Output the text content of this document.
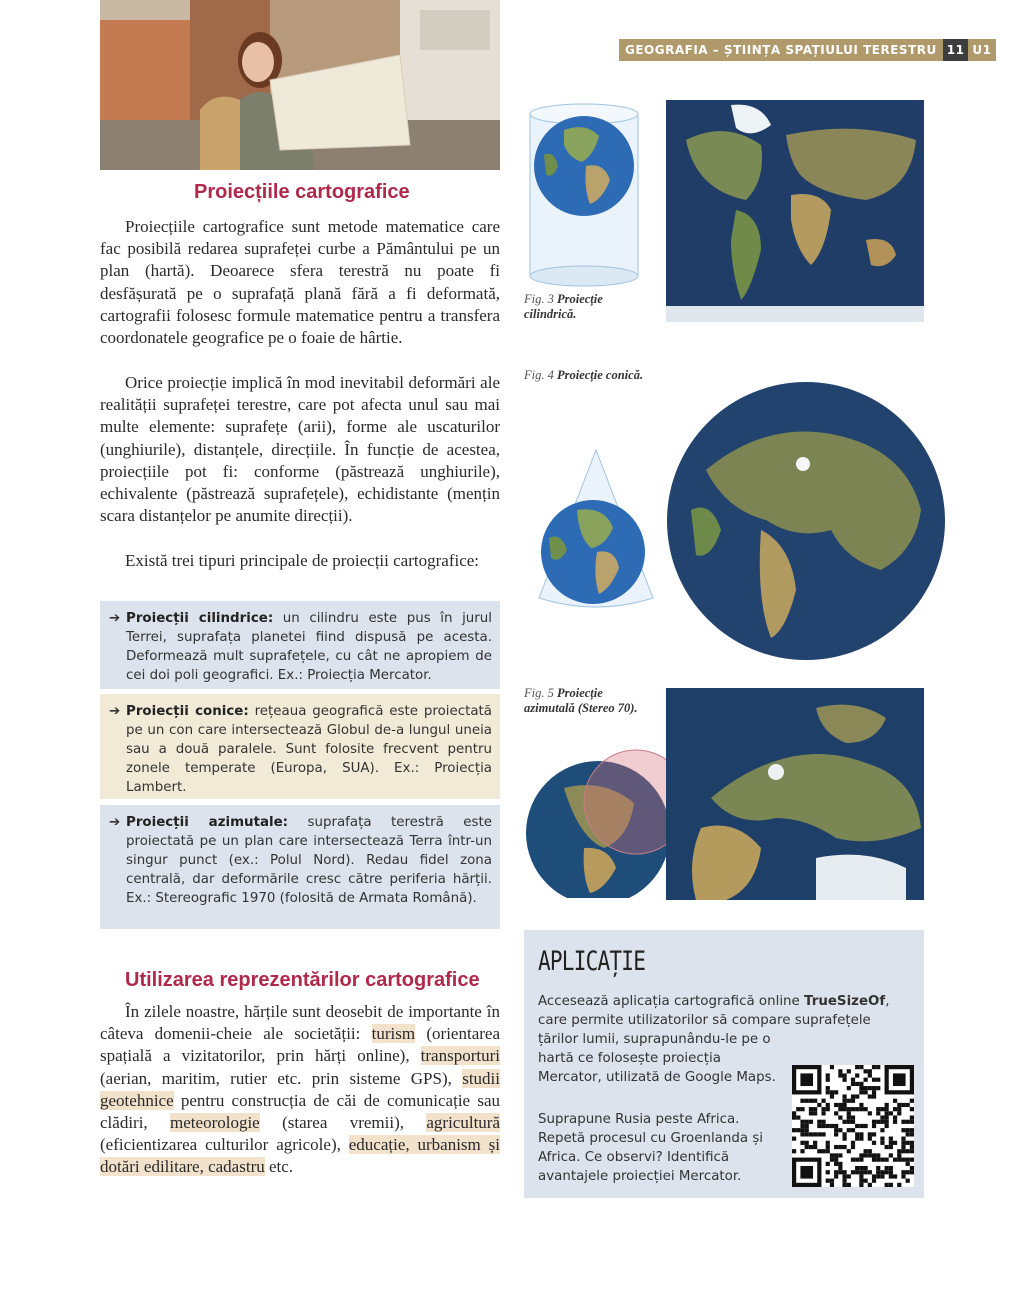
GEOGRAFIA – ȘTIINȚA SPAȚIULUI TERESTRU 11 U1
Proiecțiile cartografice

Proiecțiile cartografice sunt metode matematice care fac posibilă redarea suprafeței curbe a Pământului pe un plan (hartă). Deoarece sfera terestră nu poate fi desfășurată pe o suprafață plană fără a fi deformată, cartografii folosesc formule matematice pentru a transfera coordonatele geografice pe o foaie de hârtie.

Orice proiecție implică în mod inevitabil deformări ale realității suprafeței terestre, care pot afecta unul sau mai multe elemente: suprafețe (arii), forme ale uscaturilor (unghiurile), distanțele, direcțiile. În funcție de acestea, proiecțiile pot fi: conforme (păstrează unghiurile), echivalente (păstrează suprafețele), echidistante (mențin scara distanțelor pe anumite direcții).

Există trei tipuri principale de proiecții cartografice:

➔ Proiecții cilindrice: un cilindru este pus în jurul Terrei, suprafața planetei fiind dispusă pe acesta. Deformează mult suprafețele, cu cât ne apropiem de cei doi poli geografici. Ex.: Proiecția Mercator.
➔ Proiecții conice: rețeaua geografică este proiectată pe un con care intersectează Globul de-a lungul uneia sau a două paralele. Sunt folosite frecvent pentru zonele temperate (Europa, SUA). Ex.: Proiecția Lambert.
➔ Proiecții azimutale: suprafața terestră este proiectată pe un plan care intersectează Terra într-un singur punct (ex.: Polul Nord). Redau fidel zona centrală, dar deformările cresc către periferia hărții. Ex.: Stereografic 1970 (folosită de Armata Română).
Utilizarea reprezentărilor cartografice

În zilele noastre, hărțile sunt deosebit de importante în câteva domenii-cheie ale societății: turism (orientarea spațială a vizitatorilor, prin hărți online), transporturi (aerian, maritim, rutier etc. prin sisteme GPS), studii geotehnice pentru construcția de căi de comunicație sau clădiri, meteorologie (starea vremii), agricultură (eficientizarea culturilor agricole), educație, urbanism și dotări edilitare, cadastru etc.

Fig. 3 Proiecție cilindrică.
Fig. 4 Proiecție conică.
Fig. 5 Proiecție azimutală (Stereo 70).
APLICAȚIE

Accesează aplicația cartografică online TrueSizeOf, care permite utilizatorilor să compare suprafețele

țărilor lumii, suprapunându-le pe o hartă ce folosește proiecția Mercator, utilizată de Google Maps.

Suprapune Rusia peste Africa. Repetă procesul cu Groenlanda și Africa. Ce observi? Identifică avantajele proiecției Mercator.
